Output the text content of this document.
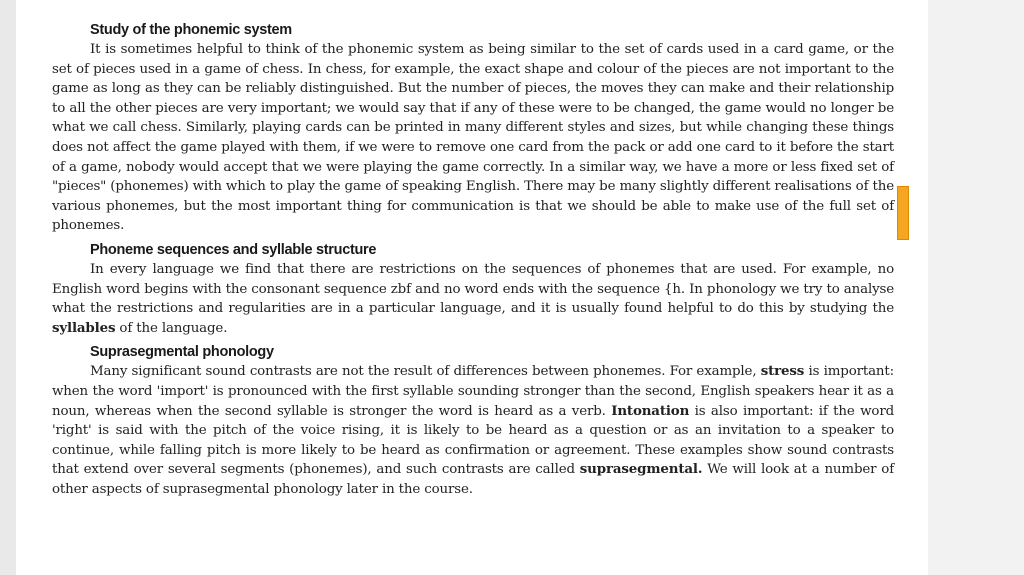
Study of the phonemic system

It is sometimes helpful to think of the phonemic system as being similar to the set of cards used in a card game, or the set of pieces used in a game of chess. In chess, for example, the exact shape and colour of the pieces are not important to the game as long as they can be reliably distinguished. But the number of pieces, the moves they can make and their relationship to all the other pieces are very important; we would say that if any of these were to be changed, the game would no longer be what we call chess. Similarly, playing cards can be printed in many different styles and sizes, but while changing these things does not affect the game played with them, if we were to remove one card from the pack or add one card to it before the start of a game, nobody would accept that we were playing the game correctly. In a similar way, we have a more or less fixed set of "pieces" (phonemes) with which to play the game of speaking English. There may be many slightly different realisations of the various phonemes, but the most important thing for communication is that we should be able to make use of the full set of phonemes.

Phoneme sequences and syllable structure

In every language we find that there are restrictions on the sequences of phonemes that are used. For example, no English word begins with the consonant sequence zbf and no word ends with the sequence {h. In phonology we try to analyse what the restrictions and regularities are in a particular language, and it is usually found helpful to do this by studying the syllables of the language.

Suprasegmental phonology

Many significant sound contrasts are not the result of differences between phonemes. For example, stress is important: when the word 'import' is pronounced with the first syllable sounding stronger than the second, English speakers hear it as a noun, whereas when the second syllable is stronger the word is heard as a verb. Intonation is also important: if the word 'right' is said with the pitch of the voice rising, it is likely to be heard as a question or as an invitation to a speaker to continue, while falling pitch is more likely to be heard as confirmation or agreement. These examples show sound contrasts that extend over several segments (phonemes), and such contrasts are called suprasegmental. We will look at a number of other aspects of suprasegmental phonology later in the course.
